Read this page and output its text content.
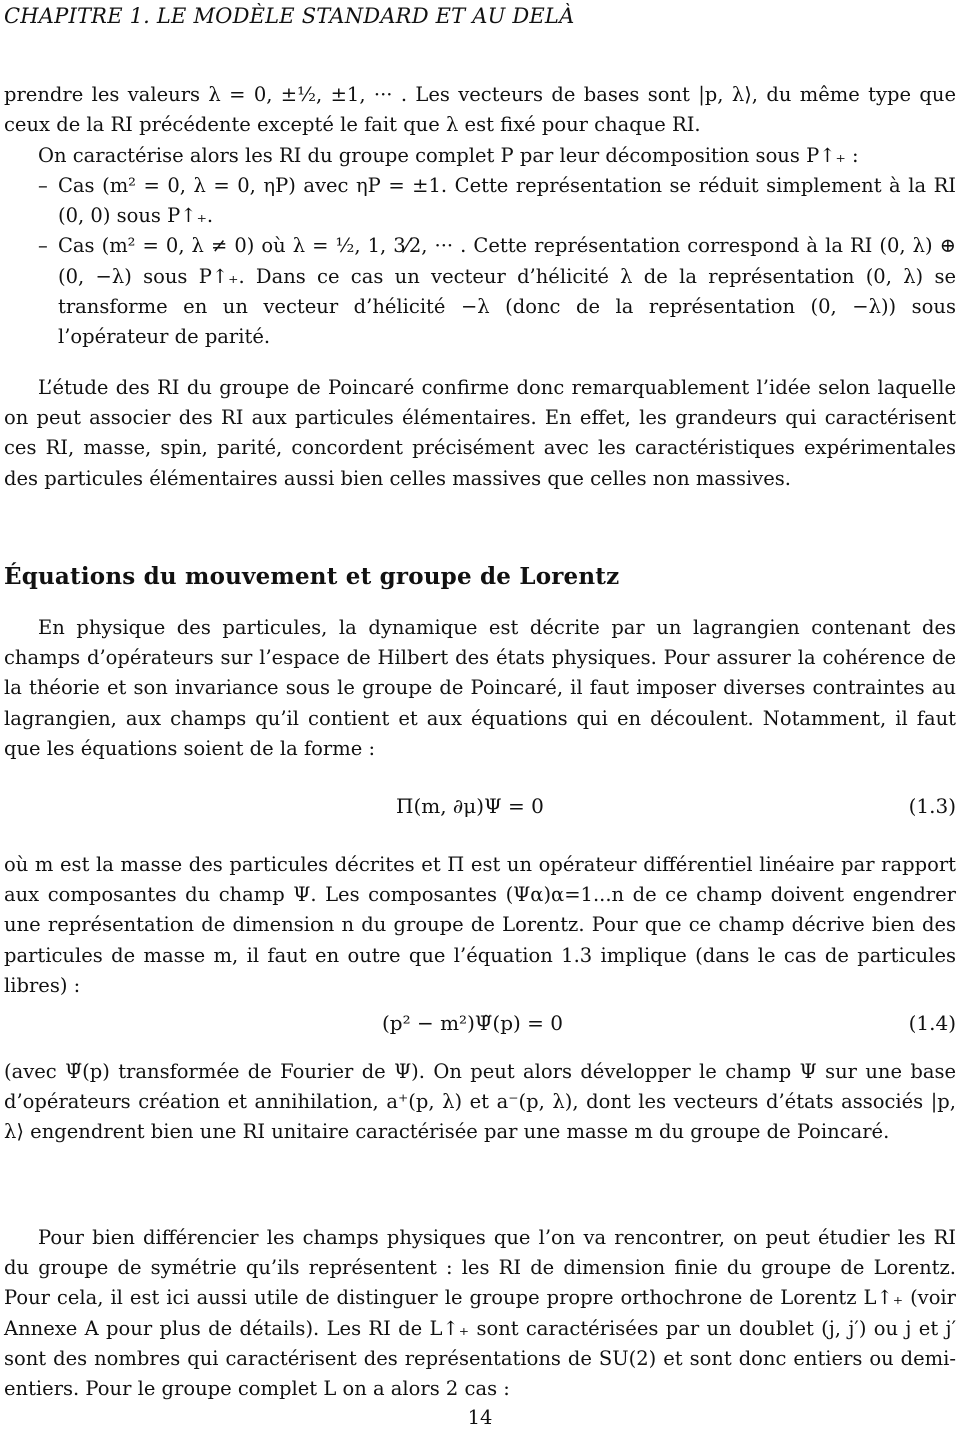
CHAPITRE 1. LE MODÈLE STANDARD ET AU DELÀ
prendre les valeurs λ = 0, ±½, ±1, ··· . Les vecteurs de bases sont |p, λ⟩, du même type que ceux de la RI précédente excepté le fait que λ est fixé pour chaque RI.
On caractérise alors les RI du groupe complet P par leur décomposition sous P↑₊ :
– Cas (m² = 0, λ = 0, ηP) avec ηP = ±1. Cette représentation se réduit simplement à la RI (0, 0) sous P↑₊.
– Cas (m² = 0, λ ≠ 0) où λ = ½, 1, 3⁄2, ··· . Cette représentation correspond à la RI (0, λ) ⊕ (0, −λ) sous P↑₊. Dans ce cas un vecteur d’hélicité λ de la représentation (0, λ) se transforme en un vecteur d’hélicité −λ (donc de la représentation (0, −λ)) sous l’opérateur de parité.
L’étude des RI du groupe de Poincaré confirme donc remarquablement l’idée selon laquelle on peut associer des RI aux particules élémentaires. En effet, les grandeurs qui caractérisent ces RI, masse, spin, parité, concordent précisément avec les caractéristiques expérimentales des particules élémentaires aussi bien celles massives que celles non massives.
Équations du mouvement et groupe de Lorentz
En physique des particules, la dynamique est décrite par un lagrangien contenant des champs d’opérateurs sur l’espace de Hilbert des états physiques. Pour assurer la cohérence de la théorie et son invariance sous le groupe de Poincaré, il faut imposer diverses contraintes au lagrangien, aux champs qu’il contient et aux équations qui en découlent. Notamment, il faut que les équations soient de la forme :
Π(m, ∂μ)Ψ = 0	(1.3)
où m est la masse des particules décrites et Π est un opérateur différentiel linéaire par rapport aux composantes du champ Ψ. Les composantes (Ψα)α=1...n de ce champ doivent engendrer une représentation de dimension n du groupe de Lorentz. Pour que ce champ décrive bien des particules de masse m, il faut en outre que l’équation 1.3 implique (dans le cas de particules libres) :
(p² − m²)Ψ̃(p) = 0	(1.4)
(avec Ψ̃(p) transformée de Fourier de Ψ). On peut alors développer le champ Ψ sur une base d’opérateurs création et annihilation, a⁺(p, λ) et a⁻(p, λ), dont les vecteurs d’états associés |p, λ⟩ engendrent bien une RI unitaire caractérisée par une masse m du groupe de Poincaré.
Pour bien différencier les champs physiques que l’on va rencontrer, on peut étudier les RI du groupe de symétrie qu’ils représentent : les RI de dimension finie du groupe de Lorentz. Pour cela, il est ici aussi utile de distinguer le groupe propre orthochrone de Lorentz L↑₊ (voir Annexe A pour plus de détails). Les RI de L↑₊ sont caractérisées par un doublet (j, j′) ou j et j′ sont des nombres qui caractérisent des représentations de SU(2) et sont donc entiers ou demi-entiers. Pour le groupe complet L on a alors 2 cas :
14
